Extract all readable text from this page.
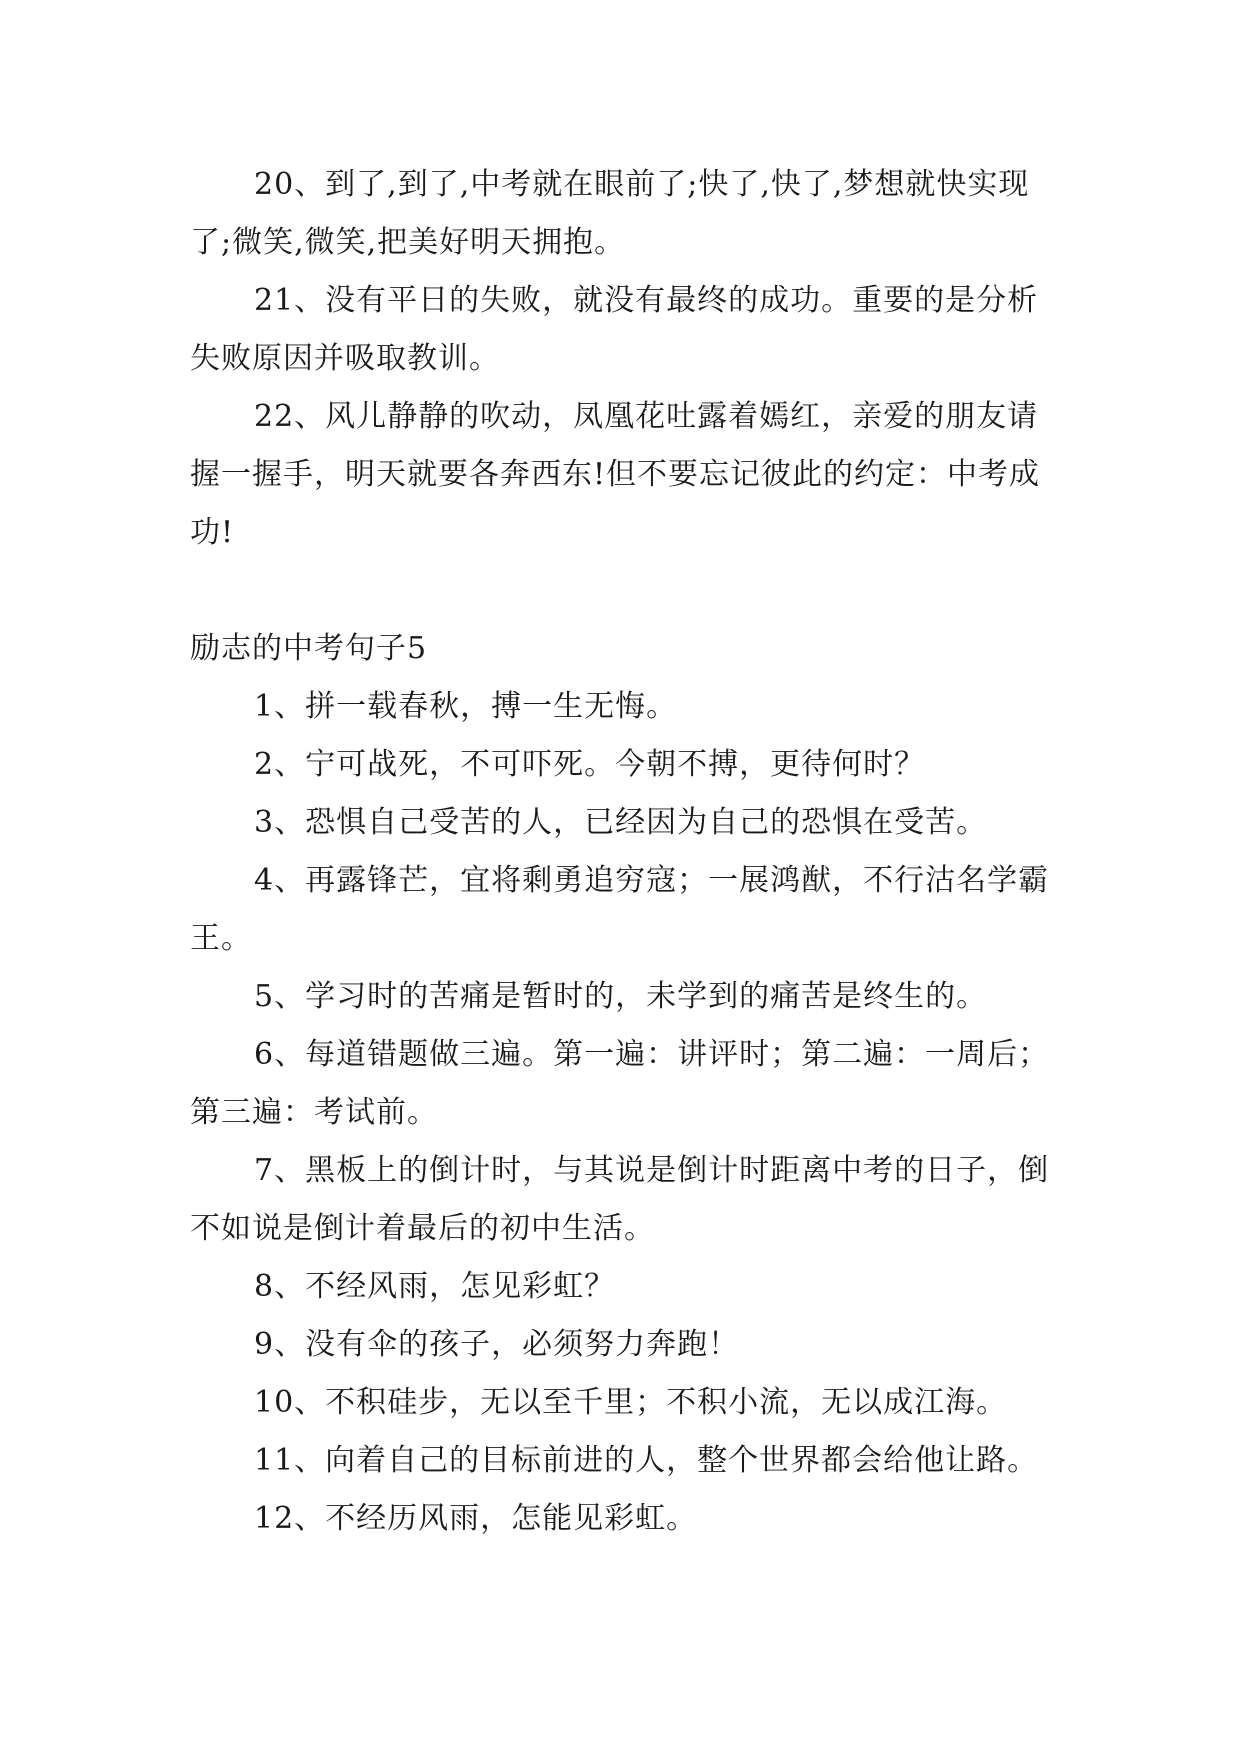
20、到了,到了,中考就在眼前了;快了,快了,梦想就快实现了;微笑,微笑,把美好明天拥抱。

21、没有平日的失败，就没有最终的成功。重要的是分析失败原因并吸取教训。

22、风儿静静的吹动，凤凰花吐露着嫣红，亲爱的朋友请握一握手，明天就要各奔西东!但不要忘记彼此的约定：中考成功!

励志的中考句子5

1、拼一载春秋，搏一生无悔。

2、宁可战死，不可吓死。今朝不搏，更待何时？

3、恐惧自己受苦的人，已经因为自己的恐惧在受苦。

4、再露锋芒，宜将剩勇追穷寇；一展鸿猷，不行沽名学霸王。

5、学习时的苦痛是暂时的，未学到的痛苦是终生的。

6、每道错题做三遍。第一遍：讲评时；第二遍：一周后；第三遍：考试前。

7、黑板上的倒计时，与其说是倒计时距离中考的日子，倒不如说是倒计着最后的初中生活。

8、不经风雨，怎见彩虹？

9、没有伞的孩子，必须努力奔跑！

10、不积硅步，无以至千里；不积小流，无以成江海。

11、向着自己的目标前进的人，整个世界都会给他让路。

12、不经历风雨，怎能见彩虹。
